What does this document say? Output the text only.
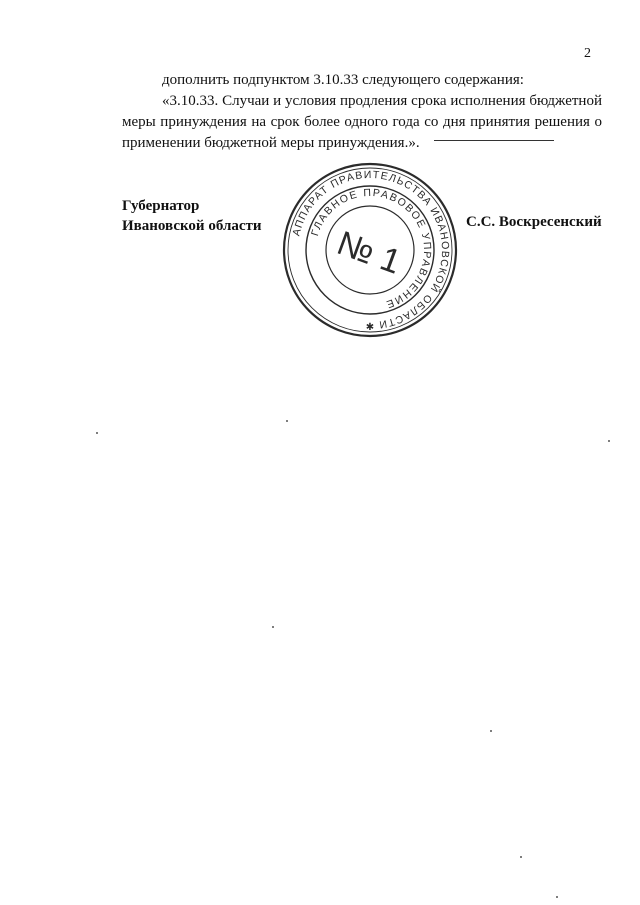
2
дополнить подпунктом 3.10.33 следующего содержания:
«3.10.33. Случаи и условия продления срока исполнения бюджетной
меры принуждения на срок более одного года со дня принятия решения о
применении бюджетной меры принуждения.».
Губернатор
Ивановской области	С.С. Воскресенский
АППАРАТ ПРАВИТЕЛЬСТВА ИВАНОВСКОЙ ОБЛАСТИ
ГЛАВНОЕ ПРАВОВОЕ УПРАВЛЕНИЕ
№ 1
✱
